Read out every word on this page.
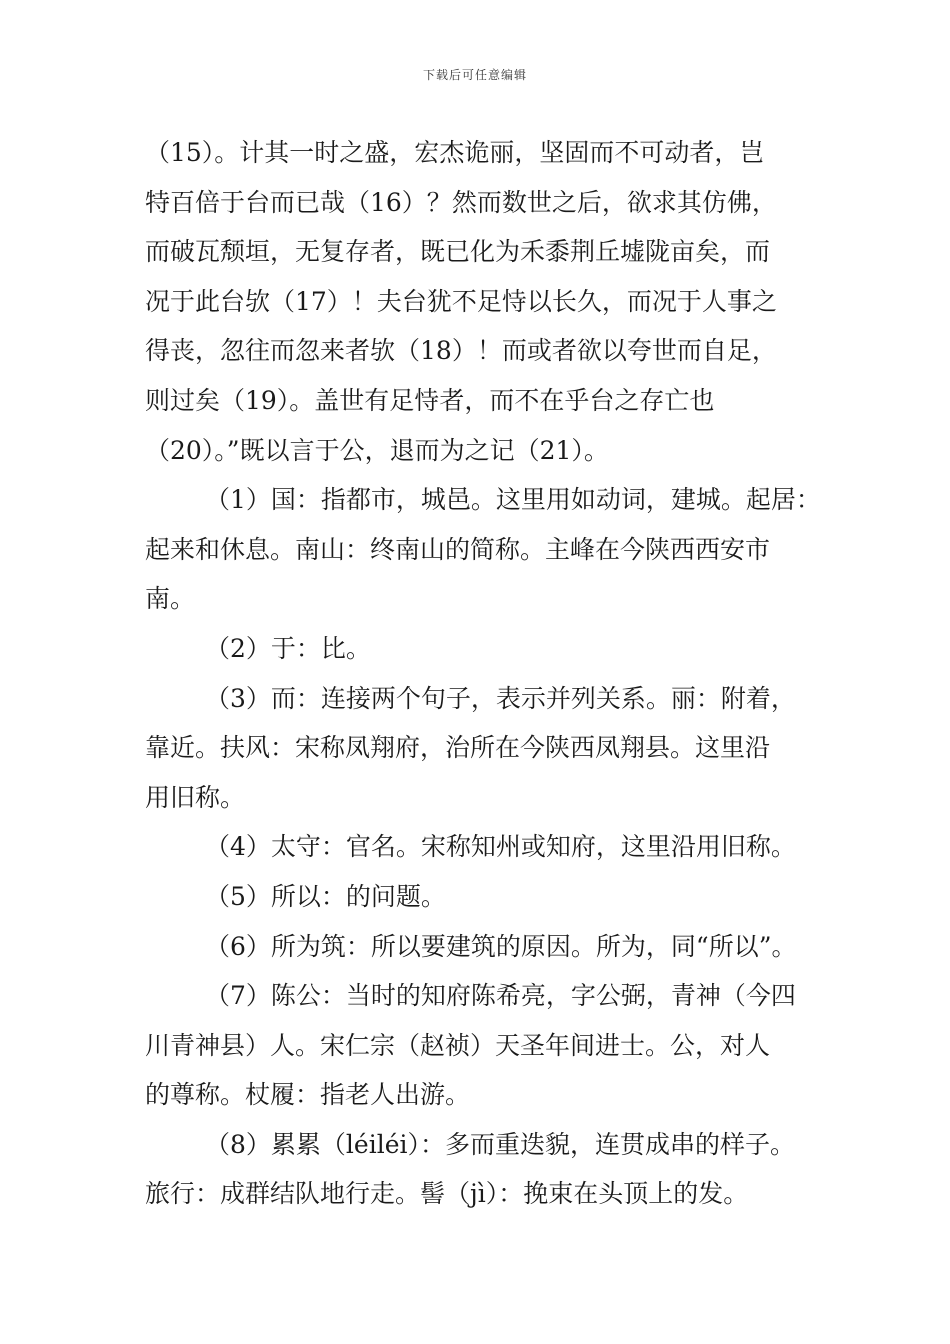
下载后可任意编辑
（15）。计其一时之盛，宏杰诡丽，坚固而不可动者，岂
特百倍于台而已哉（16）？然而数世之后，欲求其仿佛，
而破瓦颓垣，无复存者，既已化为禾黍荆丘墟陇亩矣，而
况于此台欤（17）！夫台犹不足恃以长久，而况于人事之
得丧，忽往而忽来者欤（18）！而或者欲以夸世而自足，
则过矣（19）。盖世有足恃者，而不在乎台之存亡也
（20）。”既以言于公，退而为之记（21）。
（1）国：指都市，城邑。这里用如动词，建城。起居：
起来和休息。南山：终南山的简称。主峰在今陕西西安市
南。
（2）于：比。
（3）而：连接两个句子，表示并列关系。丽：附着，
靠近。扶风：宋称凤翔府，治所在今陕西凤翔县。这里沿
用旧称。
（4）太守：官名。宋称知州或知府，这里沿用旧称。
（5）所以：的问题。
（6）所为筑：所以要建筑的原因。所为，同“所以”。
（7）陈公：当时的知府陈希亮，字公弼，青神（今四
川青神县）人。宋仁宗（赵祯）天圣年间进士。公，对人
的尊称。杖履：指老人出游。
（8）累累（léiléi）：多而重迭貌，连贯成串的样子。
旅行：成群结队地行走。髻（jì）：挽束在头顶上的发。
